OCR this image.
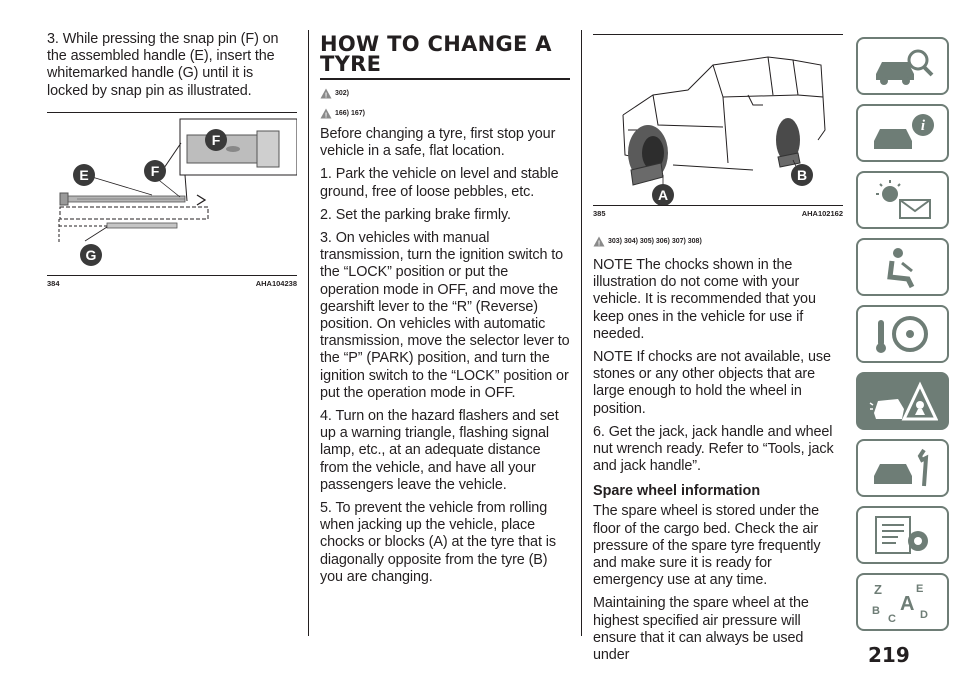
3. While pressing the snap pin (F) on the assembled handle (E), insert the whitemarked handle (G) until it is locked by snap pin as illustrated.

F
E	F
G
384	AHA104238
HOW TO CHANGE A TYRE
! 302)
! 166) 167)

Before changing a tyre, first stop your vehicle in a safe, flat location.

1. Park the vehicle on level and stable ground, free of loose pebbles, etc.

2. Set the parking brake firmly.

3. On vehicles with manual transmission, turn the ignition switch to the “LOCK” position or put the operation mode in OFF, and move the gearshift lever to the “R” (Reverse) position. On vehicles with automatic transmission, move the selector lever to the “P” (PARK) position, and turn the ignition switch to the “LOCK” position or put the operation mode in OFF.

4. Turn on the hazard flashers and set up a warning triangle, flashing signal lamp, etc., at an adequate distance from the vehicle, and have all your passengers leave the vehicle.

5. To prevent the vehicle from rolling when jacking up the vehicle, place chocks or blocks (A) at the tyre that is diagonally opposite from the tyre (B) you are changing.

A
B
385	AHA102162
! 303) 304) 305) 306) 307) 308)

NOTE The chocks shown in the illustration do not come with your vehicle. It is recommended that you keep ones in the vehicle for use if needed.

NOTE If chocks are not available, use stones or any other objects that are large enough to hold the wheel in position.

6. Get the jack, jack handle and wheel nut wrench ready. Refer to “Tools, jack and jack handle”.

Spare wheel information

The spare wheel is stored under the floor of the cargo bed. Check the air pressure of the spare tyre frequently and make sure it is ready for emergency use at any time.

Maintaining the spare wheel at the highest specified air pressure will ensure that it can always be used under

i
Z	E
B A
C D
219
